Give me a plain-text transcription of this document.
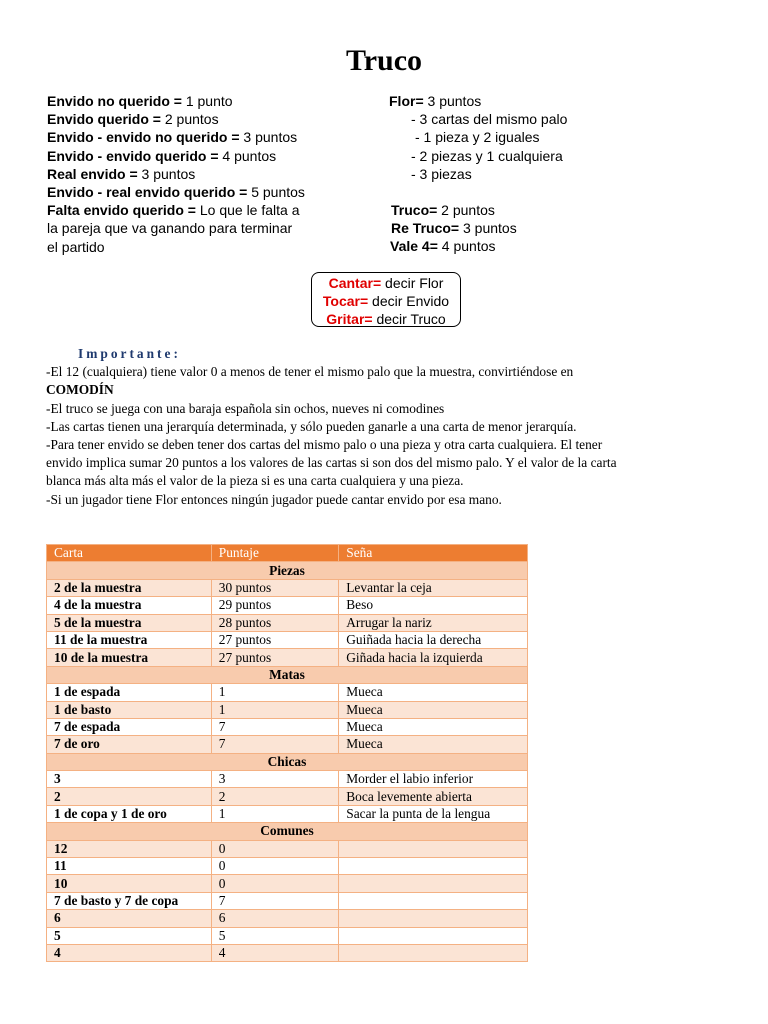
Truco
Envido no querido = 1 punto
Envido querido = 2 puntos
Envido - envido no querido = 3 puntos
Envido - envido querido = 4 puntos
Real envido = 3 puntos
Envido - real envido querido = 5 puntos
Falta envido querido = Lo que le falta a
la pareja que va ganando para terminar
el partido
Flor= 3 puntos
- 3 cartas del mismo palo
- 1 pieza y 2 iguales
- 2 piezas y 1 cualquiera
- 3 piezas
Truco= 2 puntos
Re Truco= 3 puntos
Vale 4= 4 puntos
Cantar= decir Flor
Tocar= decir Envido
Gritar= decir Truco
Importante:
-El 12 (cualquiera) tiene valor 0 a menos de tener el mismo palo que la muestra, convirtiéndose en
COMODÍN
-El truco se juega con una baraja española sin ochos, nueves ni comodines
-Las cartas tienen una jerarquía determinada, y sólo pueden ganarle a una carta de menor jerarquía.
-Para tener envido se deben tener dos cartas del mismo palo o una pieza y otra carta cualquiera. El tener
envido implica sumar 20 puntos a los valores de las cartas si son dos del mismo palo. Y el valor de la carta
blanca más alta más el valor de la pieza si es una carta cualquiera y una pieza.
-Si un jugador tiene Flor entonces ningún jugador puede cantar envido por esa mano.
Carta	Puntaje	Seña
Piezas		
2 de la muestra	30 puntos	Levantar la ceja
4 de la muestra	29 puntos	Beso
5 de la muestra	28 puntos	Arrugar la nariz
11 de la muestra	27 puntos	Guiñada hacia la derecha
10 de la muestra	27 puntos	Giñada hacia la izquierda
Matas		
1 de espada	1	Mueca
1 de basto	1	Mueca
7 de espada	7	Mueca
7 de oro	7	Mueca
Chicas		
3	3	Morder el labio inferior
2	2	Boca levemente abierta
1 de copa y 1 de oro	1	Sacar la punta de la lengua
Comunes		
12	0	
11	0	
10	0	
7 de basto y 7 de copa	7	
6	6	
5	5	
4	4	
